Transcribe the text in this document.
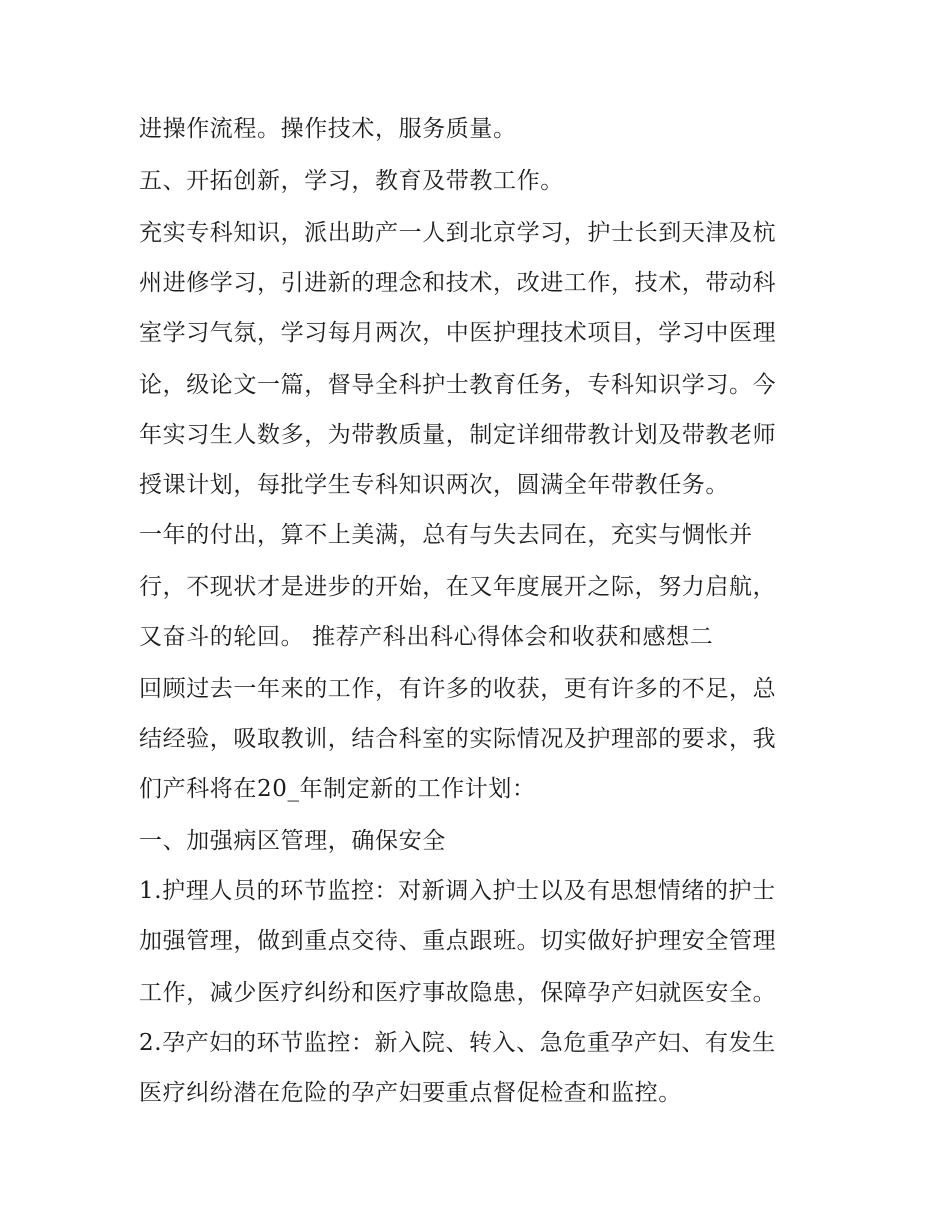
进操作流程。操作技术，服务质量。
五、开拓创新，学习，教育及带教工作。
充实专科知识，派出助产一人到北京学习，护士长到天津及杭
州进修学习，引进新的理念和技术，改进工作，技术，带动科
室学习气氛，学习每月两次，中医护理技术项目，学习中医理
论，级论文一篇，督导全科护士教育任务，专科知识学习。今
年实习生人数多，为带教质量，制定详细带教计划及带教老师
授课计划，每批学生专科知识两次，圆满全年带教任务。
一年的付出，算不上美满，总有与失去同在，充实与惆怅并
行，不现状才是进步的开始，在又年度展开之际，努力启航，
又奋斗的轮回。 推荐产科出科心得体会和收获和感想二
回顾过去一年来的工作，有许多的收获，更有许多的不足，总
结经验，吸取教训，结合科室的实际情况及护理部的要求，我
们产科将在20_年制定新的工作计划：
一、加强病区管理，确保安全
1.护理人员的环节监控：对新调入护士以及有思想情绪的护士
加强管理，做到重点交待、重点跟班。切实做好护理安全管理
工作，减少医疗纠纷和医疗事故隐患，保障孕产妇就医安全。
2.孕产妇的环节监控：新入院、转入、急危重孕产妇、有发生
医疗纠纷潜在危险的孕产妇要重点督促检查和监控。
